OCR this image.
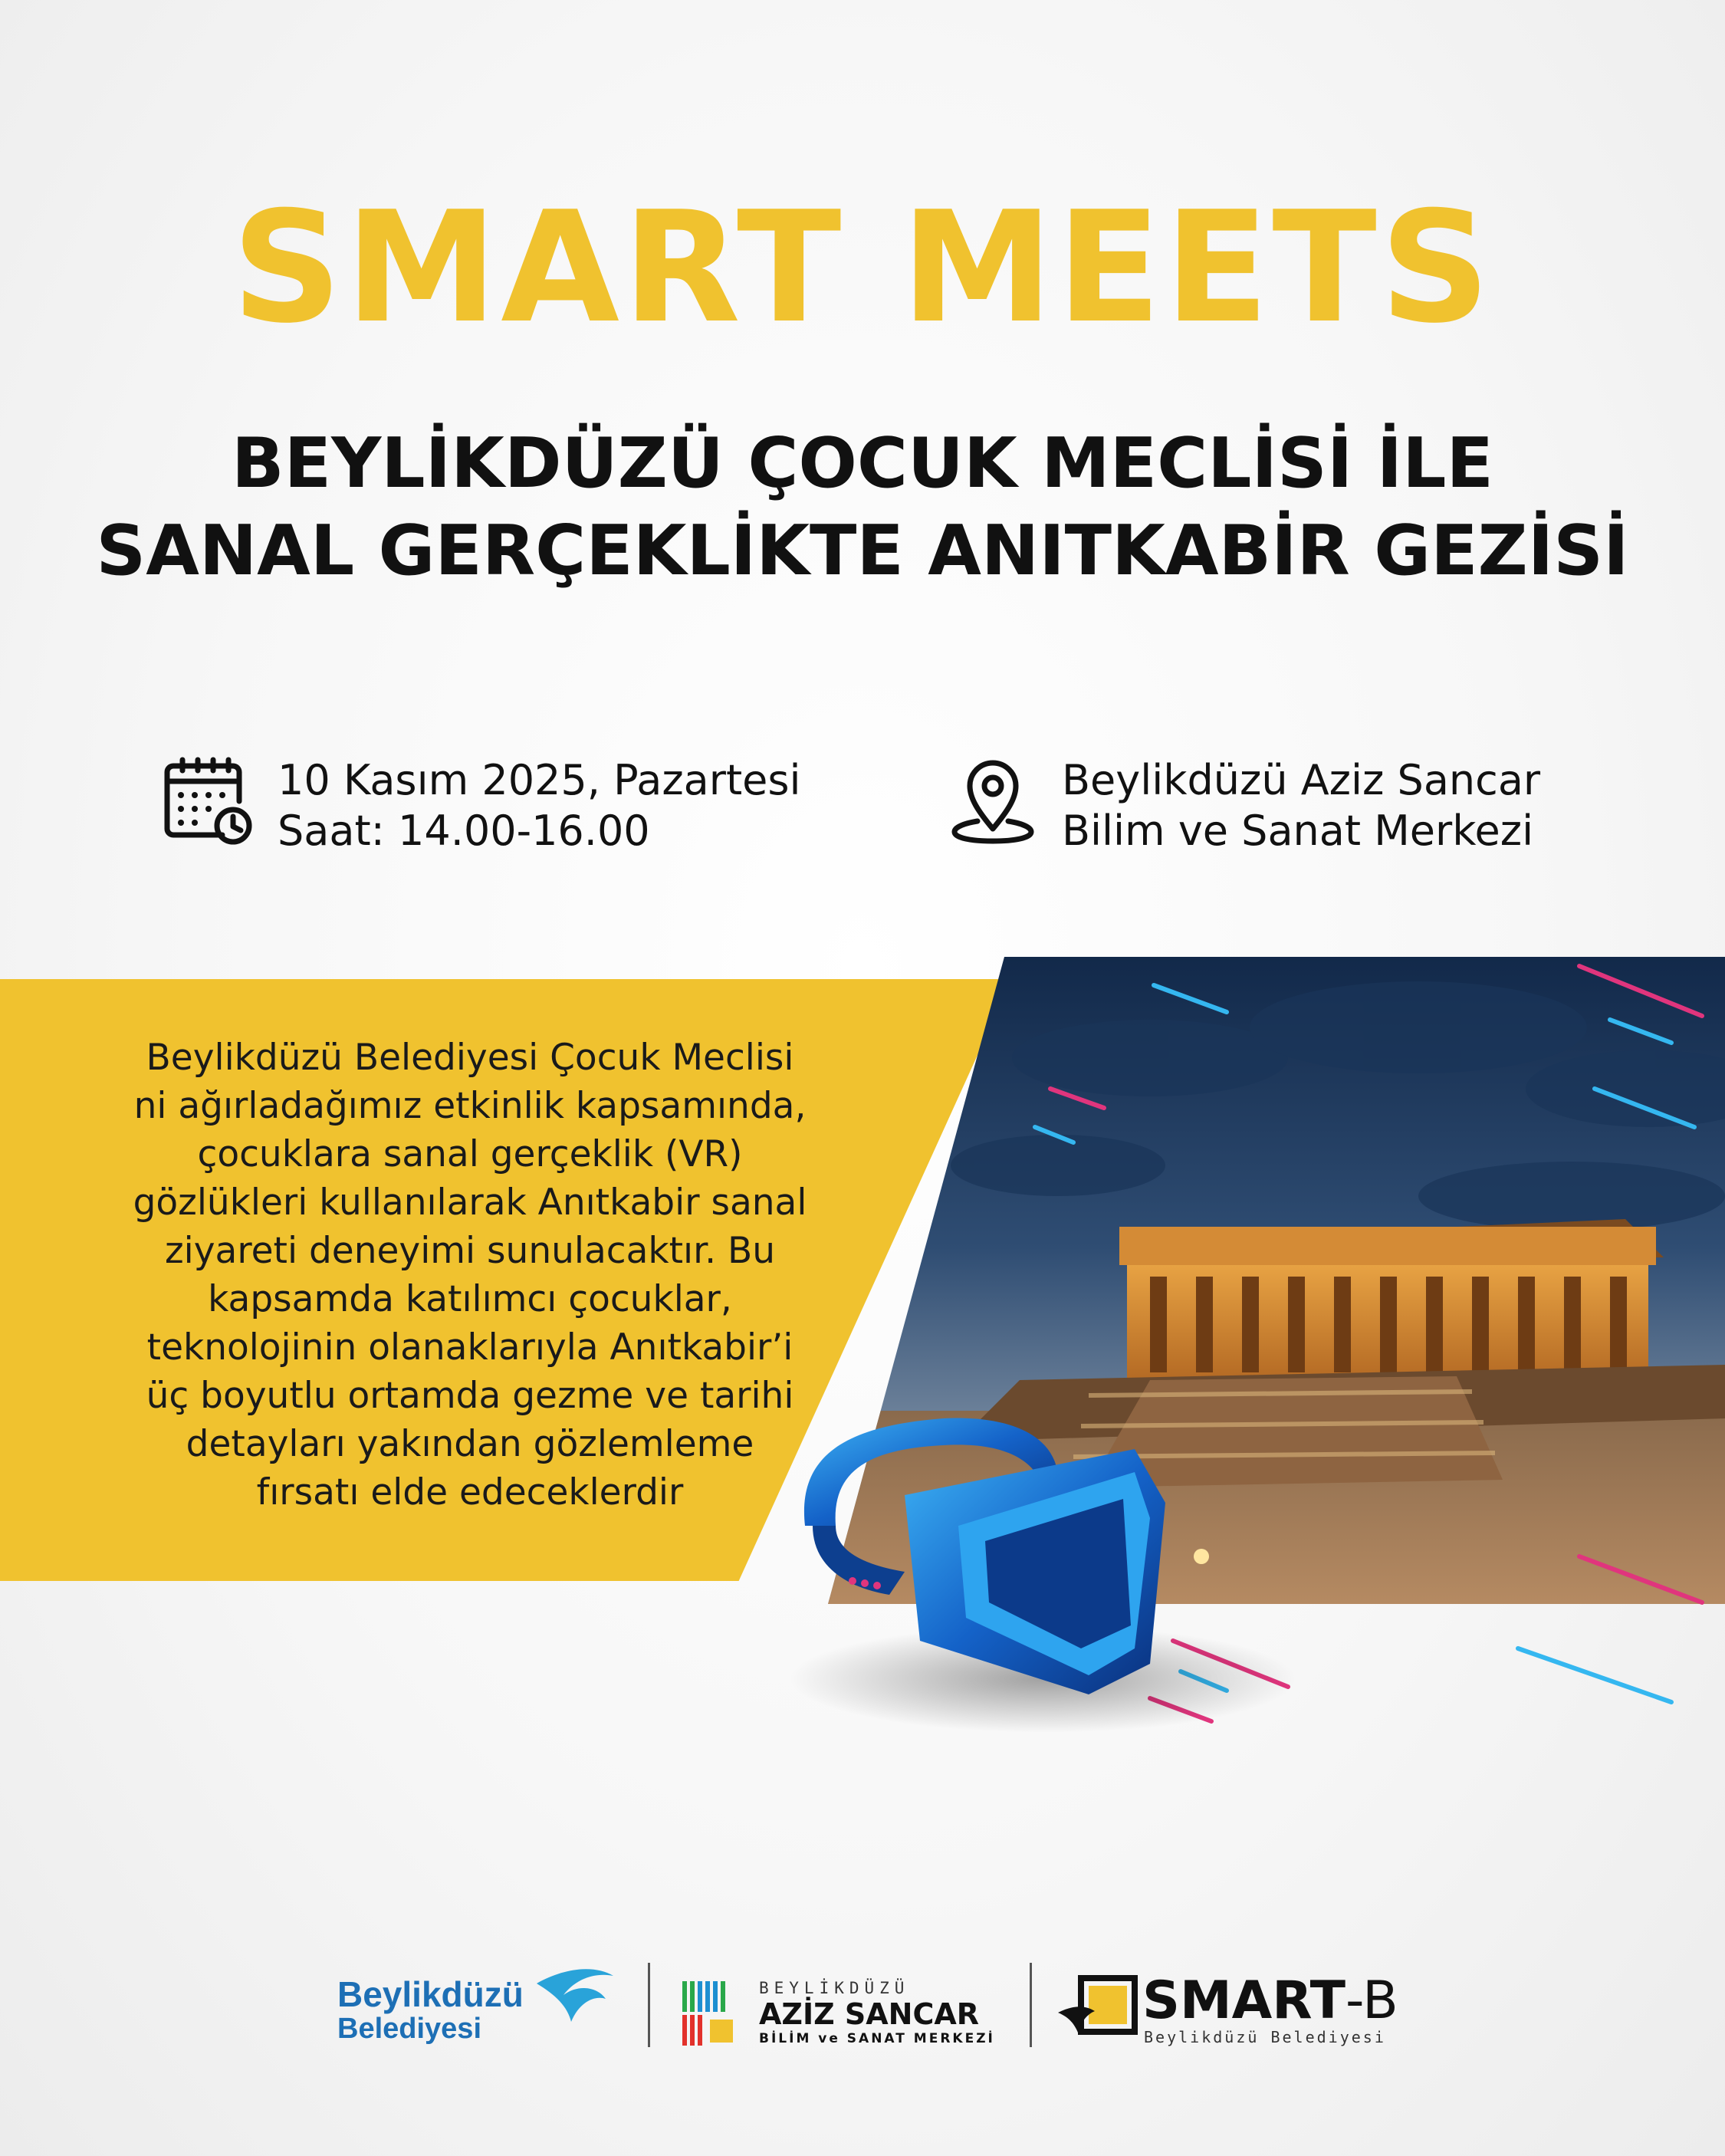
SMART MEETS
BEYLİKDÜZÜ ÇOCUK MECLİSİ İLE
SANAL GERÇEKLİKTE ANITKABİR GEZİSİ
10 Kasım 2025, Pazartesi
Saat: 14.00-16.00
Beylikdüzü Aziz Sancar
Bilim ve Sanat Merkezi
Beylikdüzü Belediyesi Çocuk Meclisi
ni ağırladağımız etkinlik kapsamında,
çocuklara sanal gerçeklik (VR)
gözlükleri kullanılarak Anıtkabir sanal
ziyareti deneyimi sunulacaktır. Bu
kapsamda katılımcı çocuklar,
teknolojinin olanaklarıyla Anıtkabir’i
üç boyutlu ortamda gezme ve tarihi
detayları yakından gözlemleme
fırsatı elde edeceklerdir
Beylikdüzü
Belediyesi
BEYLİKDÜZÜ
AZİZ SANCAR
BİLİM ve SANAT MERKEZİ
SMART-B
Beylikdüzü Belediyesi
